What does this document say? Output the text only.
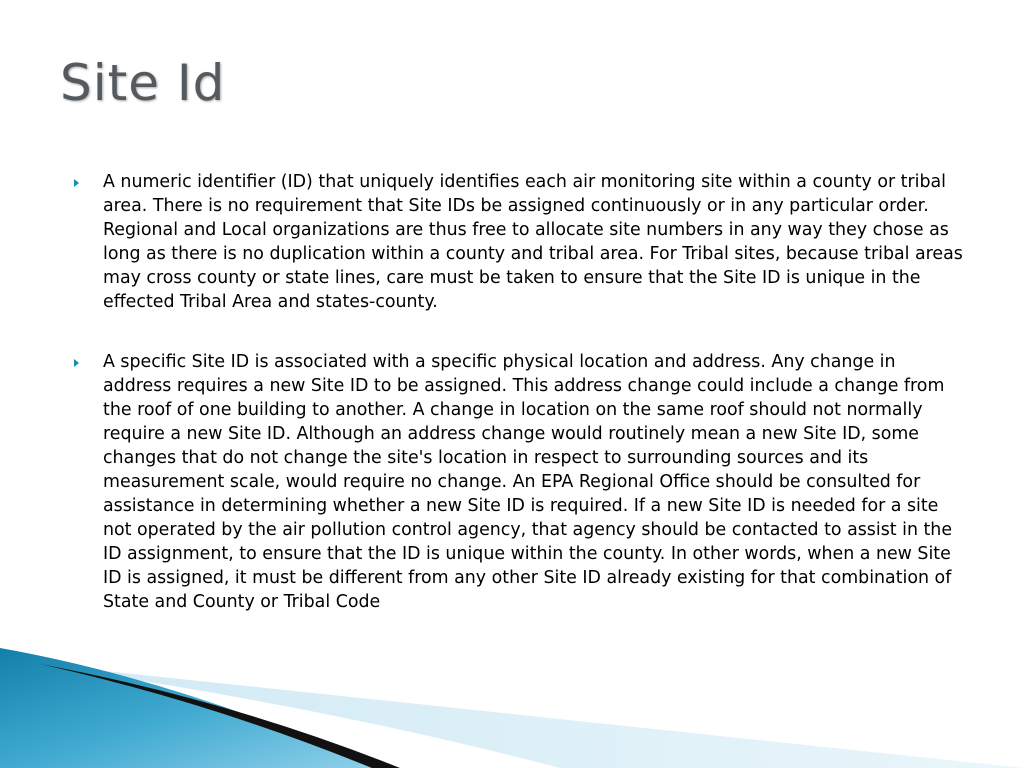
Site Id
A numeric identifier (ID) that uniquely identifies each air monitoring site within a county or tribal area. There is no requirement that Site IDs be assigned continuously or in any particular order. Regional and Local organizations are thus free to allocate site numbers in any way they chose as long as there is no duplication within a county and tribal area. For Tribal sites, because tribal areas may cross county or state lines, care must be taken to ensure that the Site ID is unique in the effected Tribal Area and states-county.
A specific Site ID is associated with a specific physical location and address. Any change in address requires a new Site ID to be assigned. This address change could include a change from the roof of one building to another. A change in location on the same roof should not normally require a new Site ID. Although an address change would routinely mean a new Site ID, some changes that do not change the site's location in respect to surrounding sources and its measurement scale, would require no change. An EPA Regional Office should be consulted for assistance in determining whether a new Site ID is required. If a new Site ID is needed for a site not operated by the air pollution control agency, that agency should be contacted to assist in the ID assignment, to ensure that the ID is unique within the county. In other words, when a new Site ID is assigned, it must be different from any other Site ID already existing for that combination of State and County or Tribal Code
